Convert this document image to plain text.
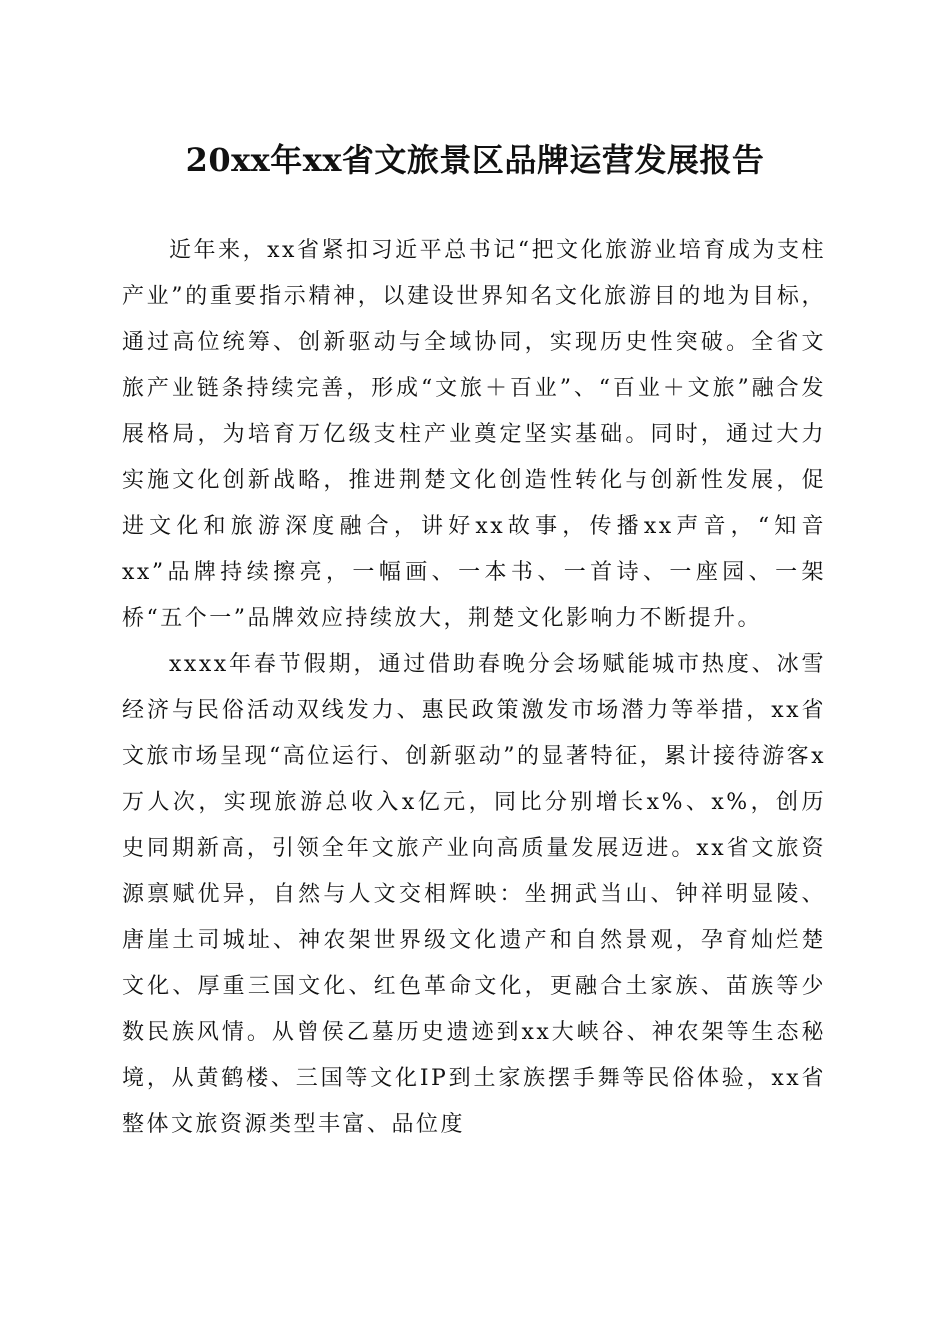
20xx年xx省文旅景区品牌运营发展报告

近年来，xx省紧扣习近平总书记“把文化旅游业培育成为支柱产业”的重要指示精神，以建设世界知名文化旅游目的地为目标，通过高位统筹、创新驱动与全域协同，实现历史性突破。全省文旅产业链条持续完善，形成“文旅＋百业”、“百业＋文旅”融合发展格局，为培育万亿级支柱产业奠定坚实基础。同时，通过大力实施文化创新战略，推进荆楚文化创造性转化与创新性发展，促进文化和旅游深度融合，讲好xx故事，传播xx声音，“知音xx”品牌持续擦亮，一幅画、一本书、一首诗、一座园、一架桥“五个一”品牌效应持续放大，荆楚文化影响力不断提升。

xxxx年春节假期，通过借助春晚分会场赋能城市热度、冰雪经济与民俗活动双线发力、惠民政策激发市场潜力等举措，xx省文旅市场呈现“高位运行、创新驱动”的显著特征，累计接待游客x万人次，实现旅游总收入x亿元，同比分别增长x%、x%，创历史同期新高，引领全年文旅产业向高质量发展迈进。xx省文旅资源禀赋优异，自然与人文交相辉映：坐拥武当山、钟祥明显陵、唐崖土司城址、神农架世界级文化遗产和自然景观，孕育灿烂楚文化、厚重三国文化、红色革命文化，更融合土家族、苗族等少数民族风情。从曾侯乙墓历史遗迹到xx大峡谷、神农架等生态秘境，从黄鹤楼、三国等文化IP到土家族摆手舞等民俗体验，xx省整体文旅资源类型丰富、品位度
